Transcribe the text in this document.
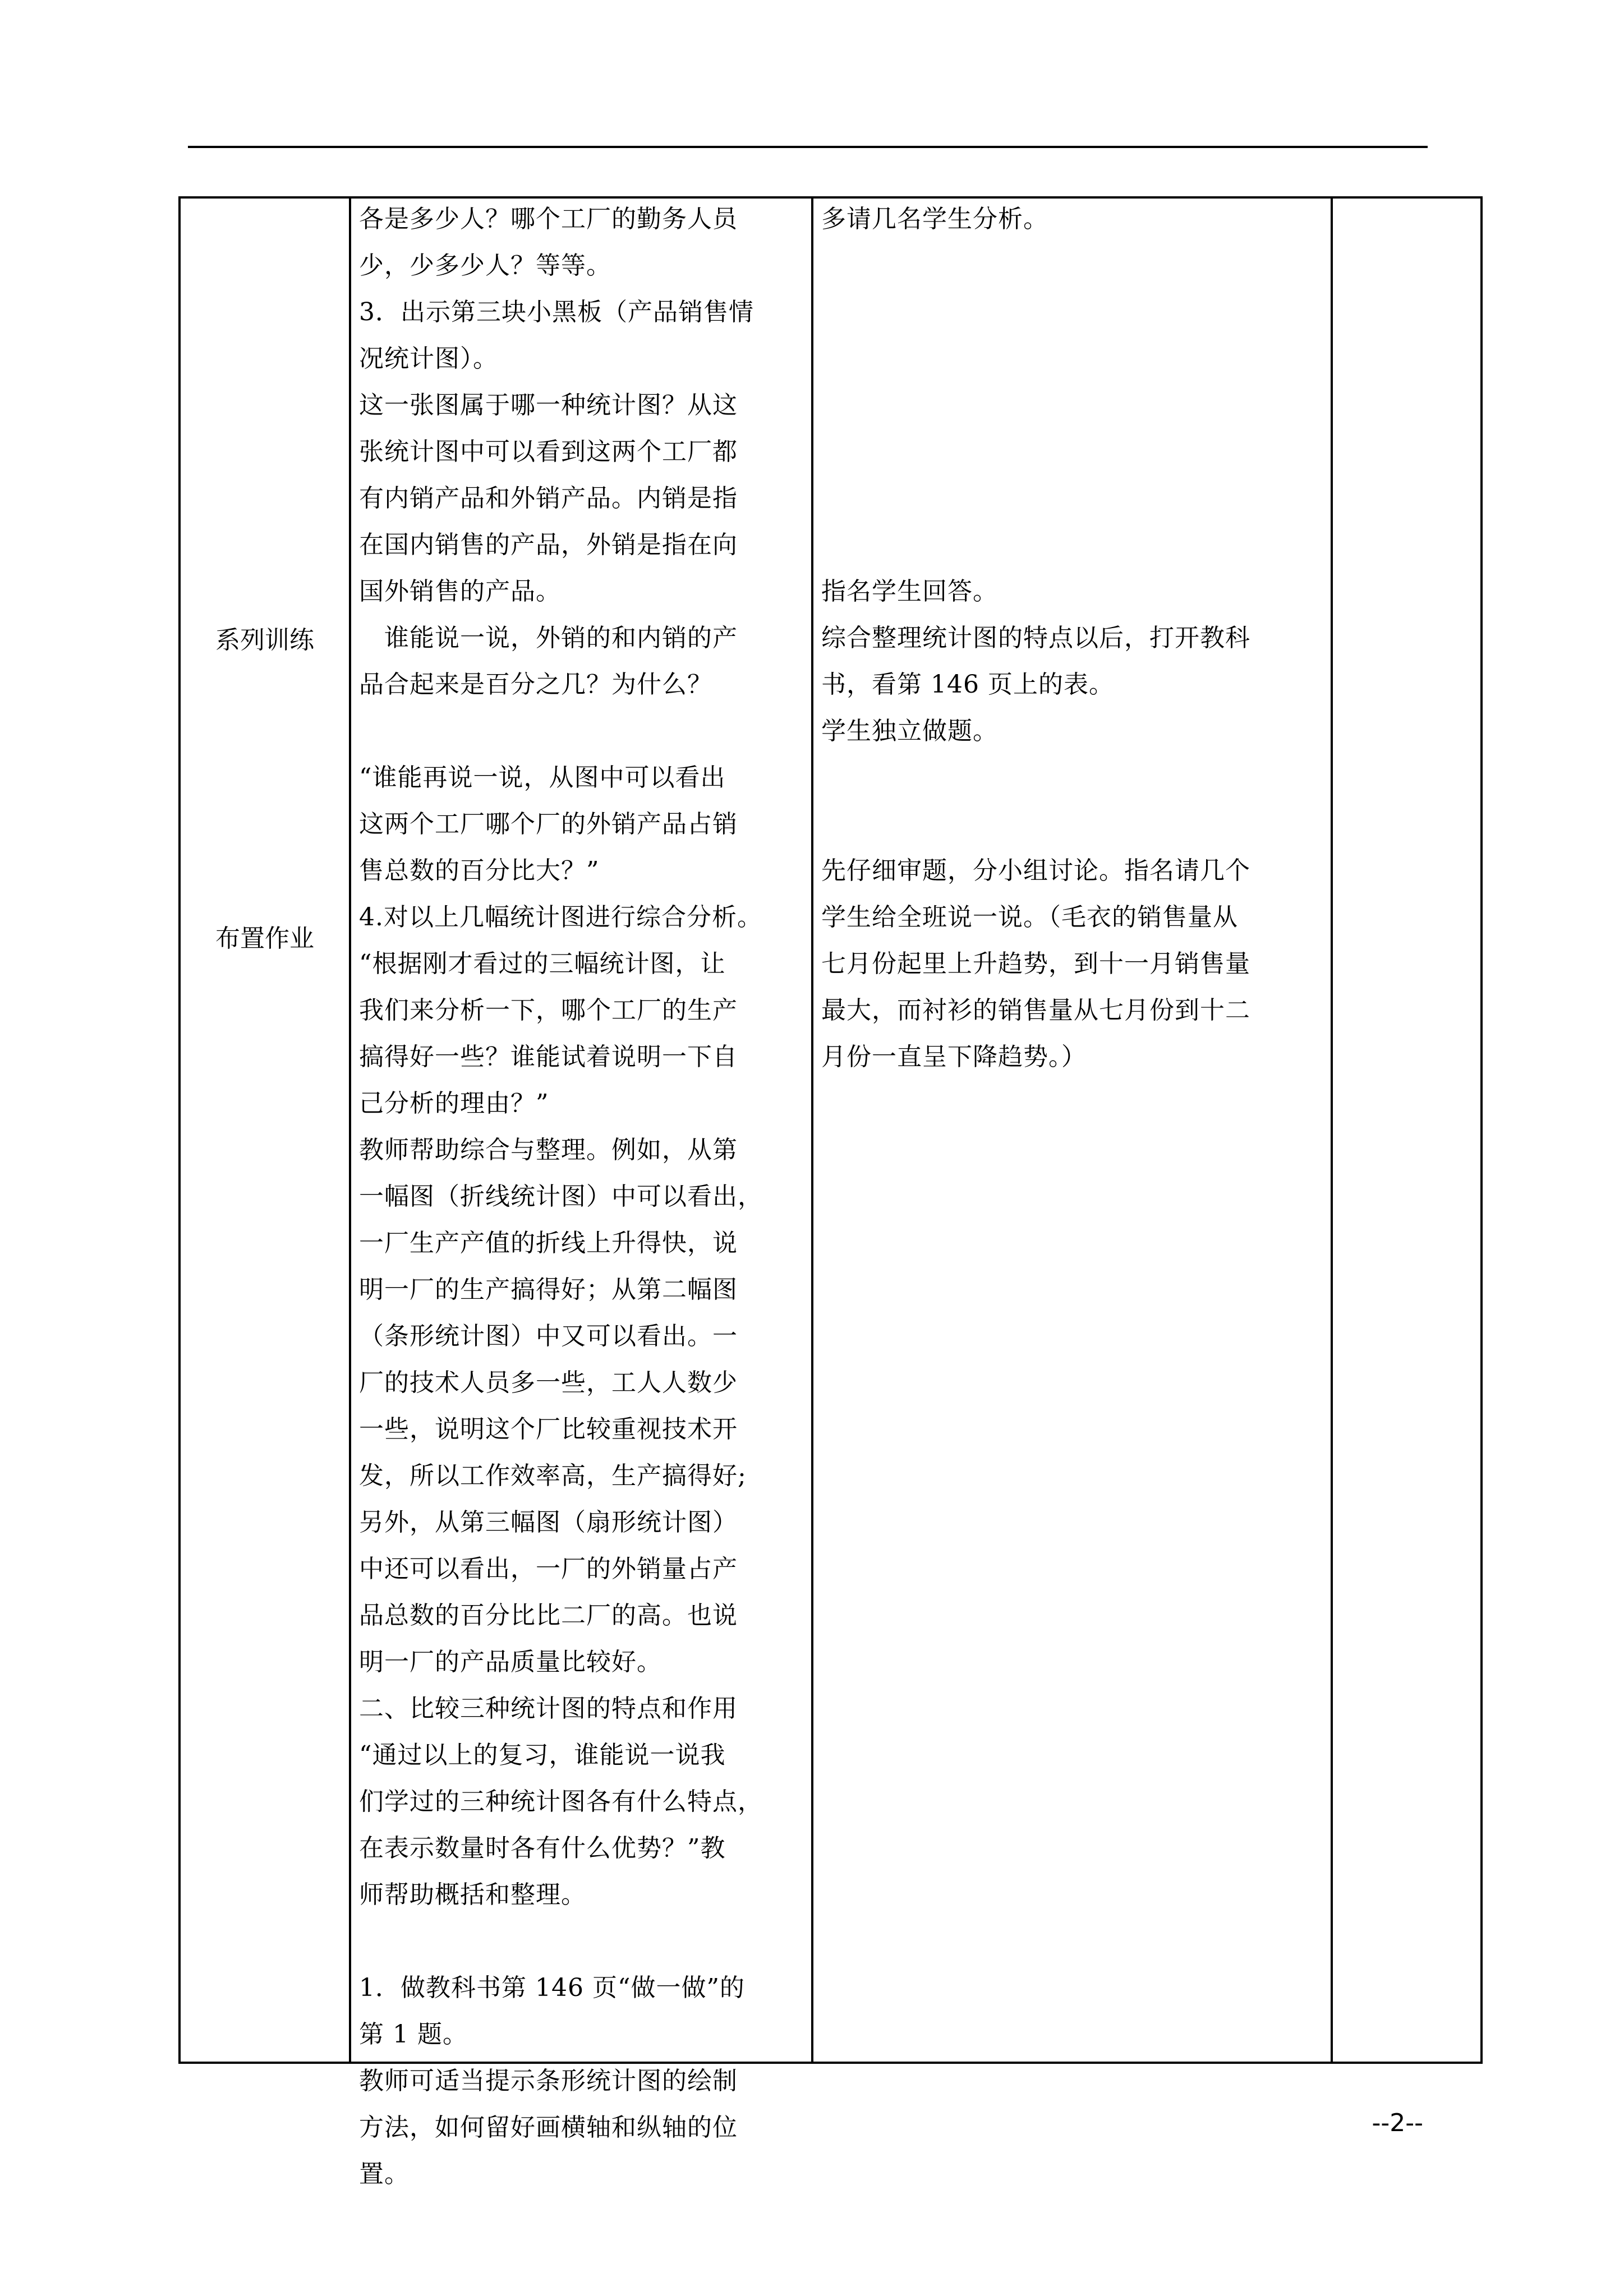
系列训练
布置作业
各是多少人？哪个工厂的勤务人员
少，少多少人？等等。
3．出示第三块小黑板（产品销售情
况统计图）。
这一张图属于哪一种统计图？从这
张统计图中可以看到这两个工厂都
有内销产品和外销产品。内销是指
在国内销售的产品，外销是指在向
国外销售的产品。
　谁能说一说，外销的和内销的产
品合起来是百分之几？为什么？
“谁能再说一说，从图中可以看出
这两个工厂哪个厂的外销产品占销
售总数的百分比大？”
4.对以上几幅统计图进行综合分析。
“根据刚才看过的三幅统计图，让
我们来分析一下，哪个工厂的生产
搞得好一些？谁能试着说明一下自
己分析的理由？”
教师帮助综合与整理。例如，从第
一幅图（折线统计图）中可以看出，
一厂生产产值的折线上升得快，说
明一厂的生产搞得好；从第二幅图
（条形统计图）中又可以看出。一
厂的技术人员多一些，工人人数少
一些，说明这个厂比较重视技术开
发，所以工作效率高，生产搞得好;
另外，从第三幅图（扇形统计图）
中还可以看出，一厂的外销量占产
品总数的百分比比二厂的高。也说
明一厂的产品质量比较好。
二、比较三种统计图的特点和作用
“通过以上的复习，谁能说一说我
们学过的三种统计图各有什么特点，
在表示数量时各有什么优势？”教
师帮助概括和整理。
1．做教科书第 146 页“做一做”的
第 1 题。
教师可适当提示条形统计图的绘制
方法，如何留好画横轴和纵轴的位
置。
多请几名学生分析。
指名学生回答。
综合整理统计图的特点以后，打开教科
书，看第 146 页上的表。
学生独立做题。
先仔细审题，分小组讨论。指名请几个
学生给全班说一说。（毛衣的销售量从
七月份起里上升趋势，到十一月销售量
最大，而衬衫的销售量从七月份到十二
月份一直呈下降趋势。）
--2--
